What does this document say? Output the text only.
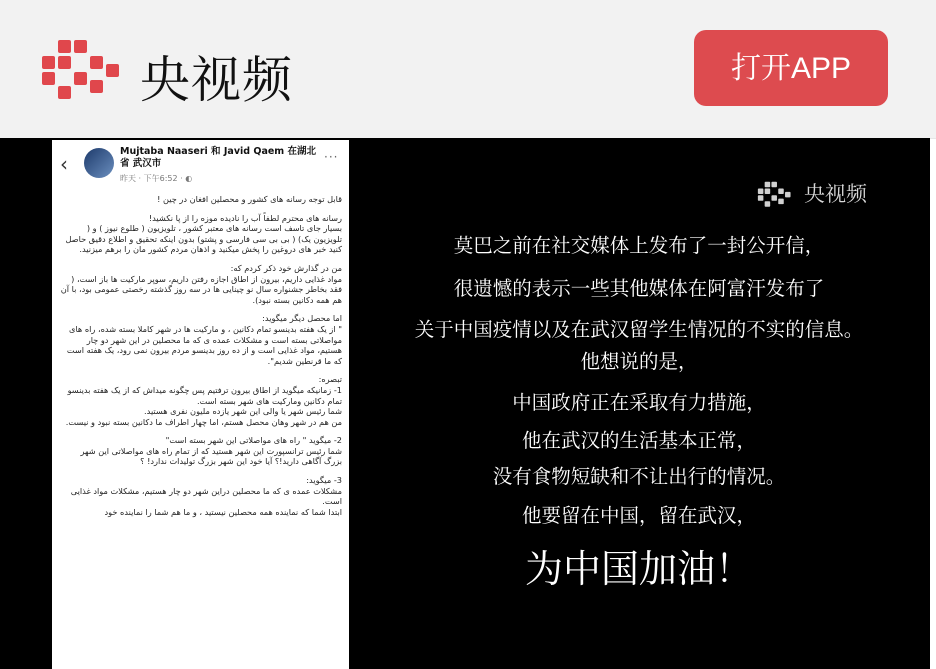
央视频	打开APP
‹
Mujtaba Naaseri 和 Javid Qaem 在湖北省 武汉市
昨天 · 下午6:52 · ◐
···

قابل توجه رسانه های کشور و محصلین افغان در چین !

رسانه های محترم لطفاً آب را نادیده موزه را از پا نکشید!
بسیار جای تاسف است رسانه های معتبر کشور ، تلویزیون ( طلوع نیوز ) و ( تلویزیون یک) ( بی بی سی فارسی و پشتو) بدون اینکه تحقیق و اطلاع دقیق حاصل کنید خبر های دروغین را پخش میکنید و اذهان مردم کشور مان را برهم میزنید.

من در گذارش خود ذکر کردم که:
مواد غذایی داریم، بیرون از اطاق اجازه رفتن داریم، سوپر مارکیت ها باز است، ( فقد بخاطر جشنواره سال نو چینایی ها در سه روز گذشته رخصتی عمومی بود، با آن هم همه دکانین بسته نبود).

اما محصل دیگر میگوید:
" از یک هفته بدینسو تمام دکانین ، و مارکیت ها در شهر کاملا بسته شده، راه های مواصلاتی بسته است و مشکلات عمده ی که ما محصلین در این شهر دو چار هستیم، مواد غذایی است و از ده روز بدینسو مردم بیرون نمی رود، یک هفته است که ما قرنطین شدیم".

تبصره:
1- زمانیکه میگوید از اطاق بیرون ترفتیم پس چگونه میداش که از یک هفته بدینسو تمام دکانین ومارکیت های شهر بسته است.
شما رئیس شهر یا والی این شهر یازده ملیون نفری هستید.
من هم در شهر وهان محصل هستم، اما چهار اطراف ما دکانین بسته نبود و نیست.

2- میگوید " راه های مواصلاتی این شهر بسته است"
شما رئیس ترانسپورت این شهر هستید که از تمام راه های مواصلاتی این شهر بزرگ آگاهی دارید!؟ آیا خود این شهر بزرگ تولیدات ندارد! ؟

3- میگوید:
مشکلات عمده ی که ما محصلین دراین شهر دو چار هستیم، مشکلات مواد غذایی است.
ابتدا شما که نماینده همه محصلین نیستید ، و ما هم شما را نماینده خود

央视频
莫巴之前在社交媒体上发布了一封公开信，
很遗憾的表示一些其他媒体在阿富汗发布了
关于中国疫情以及在武汉留学生情况的不实的信息。
他想说的是，
中国政府正在采取有力措施，
他在武汉的生活基本正常，
没有食物短缺和不让出行的情况。
他要留在中国，留在武汉，
为中国加油！
